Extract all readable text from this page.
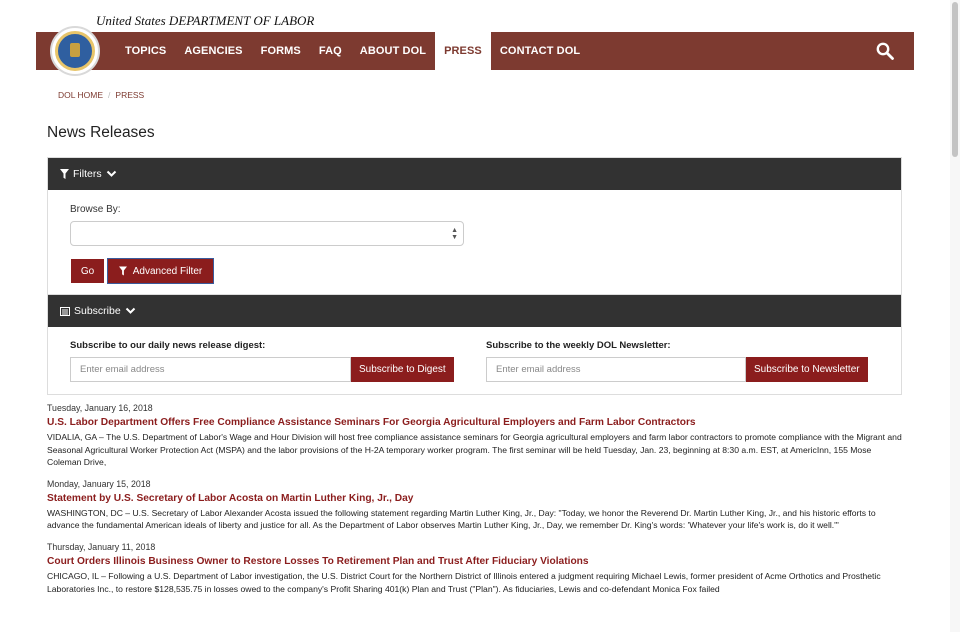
United States DEPARTMENT OF LABOR
TOPICS	AGENCIES	FORMS	FAQ	ABOUT DOL	PRESS	CONTACT DOL
DOL HOME / PRESS
News Releases
Filters
Browse By:
▲
▼
Go	Advanced Filter
Subscribe
Subscribe to our daily news release digest:
Enter email address	Subscribe to Digest
Subscribe to the weekly DOL Newsletter:
Enter email address	Subscribe to Newsletter
Tuesday, January 16, 2018
U.S. Labor Department Offers Free Compliance Assistance Seminars For Georgia Agricultural Employers and Farm Labor Contractors
VIDALIA, GA – The U.S. Department of Labor's Wage and Hour Division will host free compliance assistance seminars for Georgia agricultural employers and farm labor contractors to promote compliance with the Migrant and Seasonal Agricultural Worker Protection Act (MSPA) and the labor provisions of the H-2A temporary worker program. The first seminar will be held Tuesday, Jan. 23, beginning at 8:30 a.m. EST, at AmericInn, 155 Mose Coleman Drive,
Monday, January 15, 2018
Statement by U.S. Secretary of Labor Acosta on Martin Luther King, Jr., Day
WASHINGTON, DC – U.S. Secretary of Labor Alexander Acosta issued the following statement regarding Martin Luther King, Jr., Day: "Today, we honor the Reverend Dr. Martin Luther King, Jr., and his historic efforts to advance the fundamental American ideals of liberty and justice for all. As the Department of Labor observes Martin Luther King, Jr., Day, we remember Dr. King's words: 'Whatever your life's work is, do it well.'"
Thursday, January 11, 2018
Court Orders Illinois Business Owner to Restore Losses To Retirement Plan and Trust After Fiduciary Violations
CHICAGO, IL – Following a U.S. Department of Labor investigation, the U.S. District Court for the Northern District of Illinois entered a judgment requiring Michael Lewis, former president of Acme Orthotics and Prosthetic Laboratories Inc., to restore $128,535.75 in losses owed to the company's Profit Sharing 401(k) Plan and Trust ("Plan"). As fiduciaries, Lewis and co-defendant Monica Fox failed
